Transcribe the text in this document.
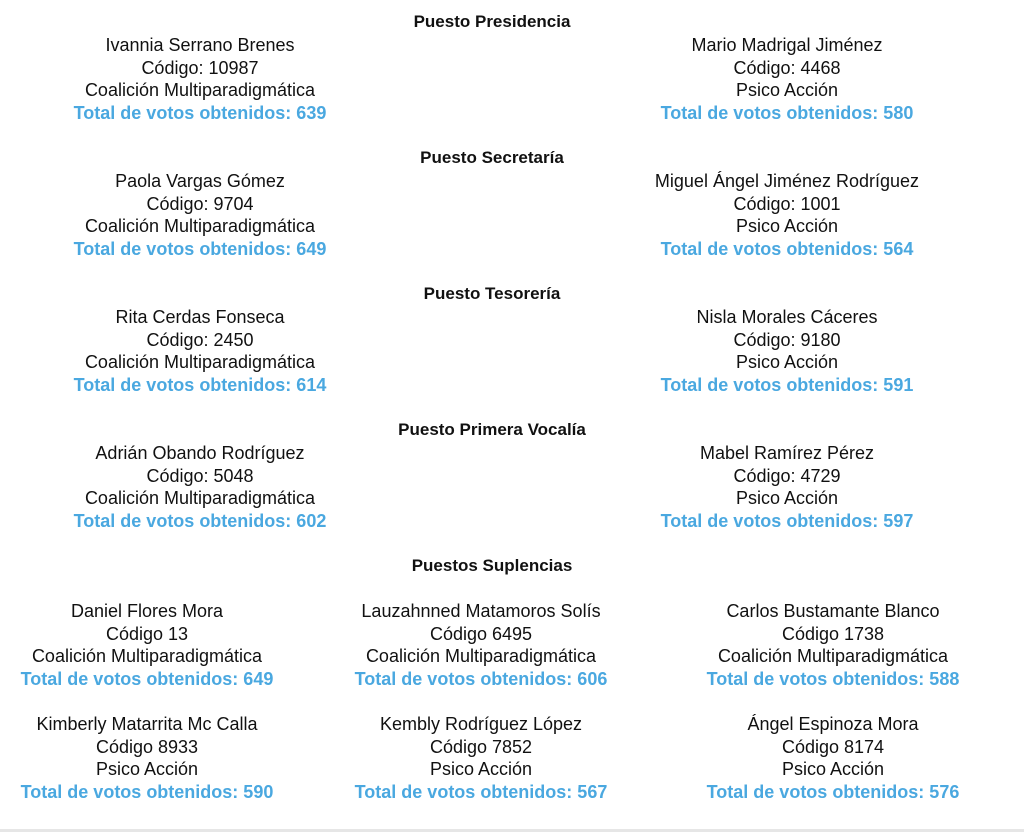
Puesto Presidencia
Ivannia Serrano Brenes
Código: 10987
Coalición Multiparadigmática
Total de votos obtenidos: 639
Mario Madrigal Jiménez
Código: 4468
Psico Acción
Total de votos obtenidos: 580
Puesto Secretaría
Paola Vargas Gómez
Código: 9704
Coalición Multiparadigmática
Total de votos obtenidos: 649
Miguel Ángel Jiménez Rodríguez
Código: 1001
Psico Acción
Total de votos obtenidos: 564
Puesto Tesorería
Rita Cerdas Fonseca
Código: 2450
Coalición Multiparadigmática
Total de votos obtenidos: 614
Nisla Morales Cáceres
Código: 9180
Psico Acción
Total de votos obtenidos: 591
Puesto Primera Vocalía
Adrián Obando Rodríguez
Código: 5048
Coalición Multiparadigmática
Total de votos obtenidos: 602
Mabel Ramírez Pérez
Código: 4729
Psico Acción
Total de votos obtenidos: 597
Puestos Suplencias
Daniel Flores Mora
Código 13
Coalición Multiparadigmática
Total de votos obtenidos: 649
Lauzahnned Matamoros Solís
Código 6495
Coalición Multiparadigmática
Total de votos obtenidos: 606
Carlos Bustamante Blanco
Código 1738
Coalición Multiparadigmática
Total de votos obtenidos: 588
Kimberly Matarrita Mc Calla
Código 8933
Psico Acción
Total de votos obtenidos: 590
Kembly Rodríguez López
Código 7852
Psico Acción
Total de votos obtenidos: 567
Ángel Espinoza Mora
Código 8174
Psico Acción
Total de votos obtenidos: 576
